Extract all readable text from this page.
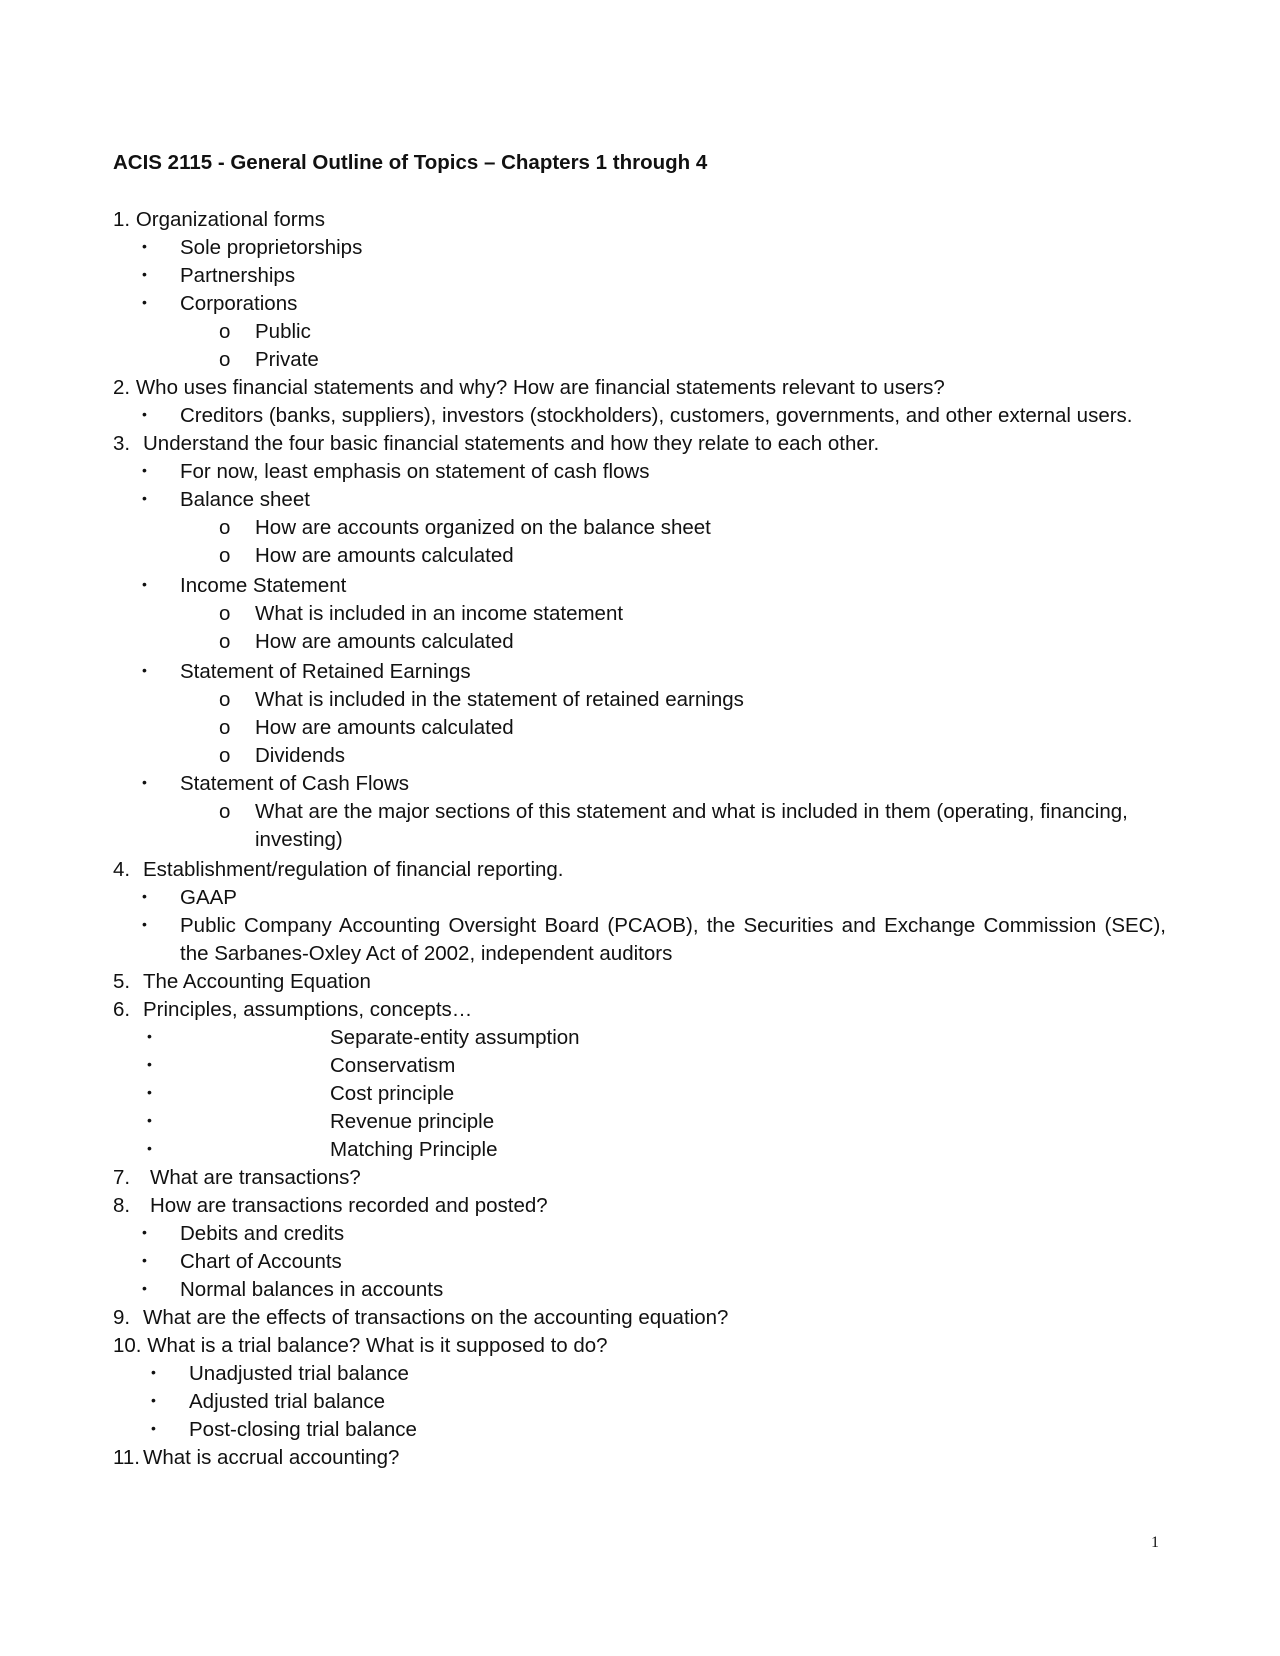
ACIS 2115 - General Outline of Topics – Chapters 1 through 4
1. Organizational forms
• Sole proprietorships
• Partnerships
• Corporations
o Public
o Private
2. Who uses financial statements and why? How are financial statements relevant to users?
• Creditors (banks, suppliers), investors (stockholders), customers, governments, and other external users.
3. Understand the four basic financial statements and how they relate to each other.
• For now, least emphasis on statement of cash flows
• Balance sheet
o How are accounts organized on the balance sheet
o How are amounts calculated
• Income Statement
o What is included in an income statement
o How are amounts calculated
• Statement of Retained Earnings
o What is included in the statement of retained earnings
o How are amounts calculated
o Dividends
• Statement of Cash Flows
o What are the major sections of this statement and what is included in them (operating, financing,
investing)
4. Establishment/regulation of financial reporting.
• GAAP
• Public Company Accounting Oversight Board (PCAOB), the Securities and Exchange Commission (SEC),
the Sarbanes-Oxley Act of 2002, independent auditors
5. The Accounting Equation
6. Principles, assumptions, concepts…
•	Separate-entity assumption
•	Conservatism
•	Cost principle
•	Revenue principle
•	Matching Principle
7. What are transactions?
8. How are transactions recorded and posted?
• Debits and credits
• Chart of Accounts
• Normal balances in accounts
9. What are the effects of transactions on the accounting equation?
10. What is a trial balance? What is it supposed to do?
• Unadjusted trial balance
• Adjusted trial balance
• Post-closing trial balance
11. What is accrual accounting?
1
